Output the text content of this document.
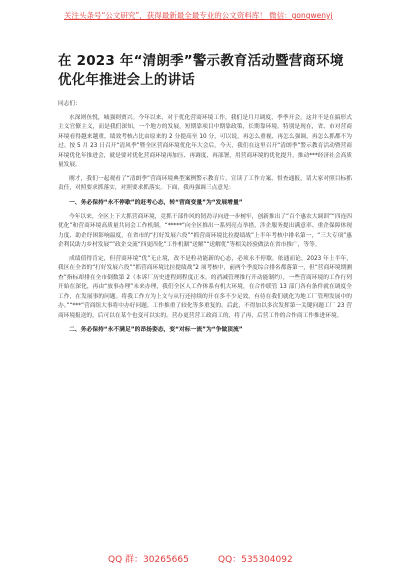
关注头条号“公文研究”，获得最新最全最专业的公文资料库！ 微信：gongwenyj
在 2023 年“清朗季”警示教育活动暨营商环境优化年推进会上的讲话

同志们：

水深则鱼悦，城强则贾兴。今年以来，对于优化营商环境工作，我们是月月调度，季季开会，这并不是在搞形式主义官僚主义，而是我们深知，一个地方的发展，短期靠项目中期靠政策，长期靠环境。特别是现在，省、市对营商环境看得越来越重，绩效考核占比由原来的 2 分提高至 10 分，可以说，再怎么重视、再怎么强调、再怎么抓都不为过。按 5 月 23 日召开“清风季”暨全区营商环境优化年大会后，今天，我们在这里召开“清朗季”警示教育活动暨营商环境优化年推进会，就是要对优化营商环境再加压、再调度、再部署，用营商环境的优化提升，推动***经济社会高质量发展。

刚才，我们一起观看了“清朗季”营商环境典型案例警示教育片，宣读了工作方案、督查通报，请大家对照目标抓责任，对照要求抓落实，对照要求抓落实。下面，我再强调三点意见：

一、务必保持“永不停歇”的赶考心态，转“营商变量”为“发展增量”

今年以来，全区上下大抓营商环境，竞抓干部作风的韧劲寻向进一步树牢，创新推出了“百个惠农大调训”“四连四优化”和营商环境高质量共同会工作机制，“*****”向全区推出一系列亮点举措，涉企服务提出满意率、重企保障体现力度、助企纾困影响温度，在省市的“打好发展六役”“抓营商环境比拉提绩战”上半年考核中排名第一，“三大专项”惠企利民助力乡村发展“”政企交流“四更四化”工作机制“送解”“送解优”等相关经验做法在省市推广，等等。

成绩值得肯定，但营商环境“优”无止境，改不是粒功能新的心态，必须永不停歇。依通而论，2023 年上半年，我区在全省的“打好发展六役”“抓营商环境比拉提绩战”2 项考核中，前两个季度综合排名都落第一，但“营商环境期测查”指标却排在全市倒数第 2（本诉厂历史进程到程度正本，的消减管理推行开动能制约），一些营商环境的工作行列开始在深化，再由“放事办理”未来办理，我们全区人工作体系有机大环境，在合作联管 13 部门各有条件就在调度全工作，在发展事的问题。将我工作方为上文与从行还持续的开在多不少足效，有待在我们就化为地工厂管理发展中的办。”“***”营商组大事将中办好问题。工作推重了较化等多重复的。后此，不得加以多次发挥第一关键问题工厂 23 营商环境报送的，后可以在某个也变可以实的。营办更营营工政商工的，将了再，后营工作的合作商工作推进环境。

二、务必保持“永不满足”的昂扬姿态，变“对标一流”为“争做顶流”

QQ 群：30265665	QQ：535304092
